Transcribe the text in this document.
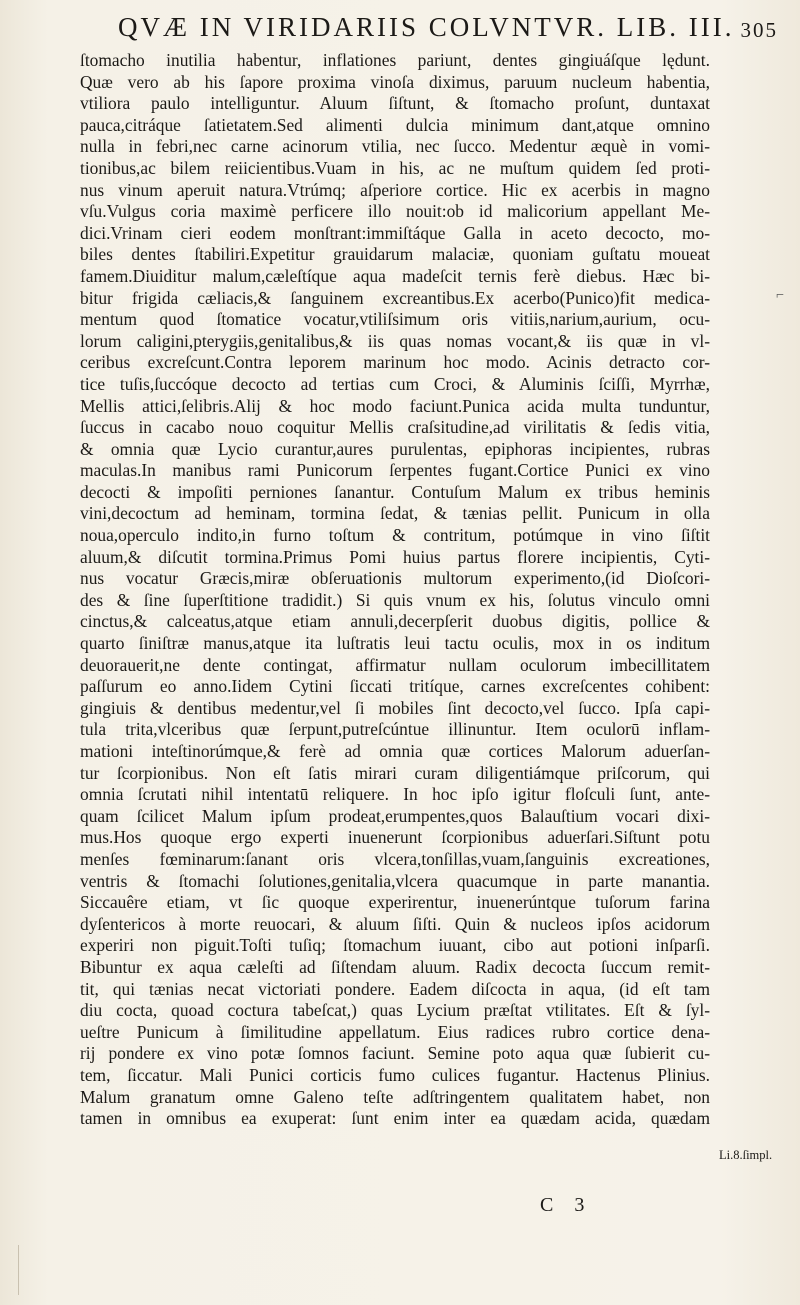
QVÆ IN VIRIDARIIS COLVNTVR. LIB. III. 305
ſtomacho inutilia habentur, inflationes pariunt, dentes gingiuáſque lędunt.
Quæ vero ab his ſapore proxima vinoſa diximus, paruum nucleum habentia,
vtiliora paulo intelliguntur. Aluum ſiſtunt, & ſtomacho proſunt, duntaxat
pauca,citráque ſatietatem.Sed alimenti dulcia minimum dant,atque omnino
nulla in febri,nec carne acinorum vtilia, nec ſucco. Medentur æquè in vomi-
tionibus,ac bilem reiicientibus.Vuam in his, ac ne muſtum quidem ſed proti-
nus vinum aperuit natura.Vtrúmq; aſperiore cortice. Hic ex acerbis in magno
vſu.Vulgus coria maximè perficere illo nouit:ob id malicorium appellant Me-
dici.Vrinam cieri eodem monſtrant:immiſtáque Galla in aceto decocto, mo-
biles dentes ſtabiliri.Expetitur grauidarum malaciæ, quoniam guſtatu moueat
famem.Diuiditur malum,cæleſtíque aqua madeſcit ternis ferè diebus. Hæc bi-
bitur frigida cæliacis,& ſanguinem excreantibus.Ex acerbo(Punico)fit medica-
mentum quod ſtomatice vocatur,vtiliſsimum oris vitiis,narium,aurium, ocu-
lorum caligini,pterygiis,genitalibus,& iis quas nomas vocant,& iis quæ in vl-
ceribus excreſcunt.Contra leporem marinum hoc modo. Acinis detracto cor-
tice tuſis,ſuccóque decocto ad tertias cum Croci, & Aluminis ſciſſi, Myrrhæ,
Mellis attici,ſelibris.Alij & hoc modo faciunt.Punica acida multa tunduntur,
ſuccus in cacabo nouo coquitur Mellis craſsitudine,ad virilitatis & ſedis vitia,
& omnia quæ Lycio curantur,aures purulentas, epiphoras incipientes, rubras
maculas.In manibus rami Punicorum ſerpentes fugant.Cortice Punici ex vino
decocti & impoſiti perniones ſanantur. Contuſum Malum ex tribus heminis
vini,decoctum ad heminam, tormina ſedat, & tænias pellit. Punicum in olla
noua,operculo indito,in furno toſtum & contritum, potúmque in vino ſiſtit
aluum,& diſcutit tormina.Primus Pomi huius partus florere incipientis, Cyti-
nus vocatur Græcis,miræ obſeruationis multorum experimento,(id Dioſcori-
des & ſine ſuperſtitione tradidit.) Si quis vnum ex his, ſolutus vinculo omni
cinctus,& calceatus,atque etiam annuli,decerpſerit duobus digitis, pollice &
quarto ſiniſtræ manus,atque ita luſtratis leui tactu oculis, mox in os inditum
deuorauerit,ne dente contingat, affirmatur nullam oculorum imbecillitatem
paſſurum eo anno.Iidem Cytini ſiccati tritíque, carnes excreſcentes cohibent:
gingiuis & dentibus medentur,vel ſi mobiles ſint decocto,vel ſucco. Ipſa capi-
tula trita,vlceribus quæ ſerpunt,putreſcúntue illinuntur. Item oculorū inflam-
mationi inteſtinorúmque,& ferè ad omnia quæ cortices Malorum aduerſan-
tur ſcorpionibus. Non eſt ſatis mirari curam diligentiámque priſcorum, qui
omnia ſcrutati nihil intentatū reliquere. In hoc ipſo igitur floſculi ſunt, ante-
quam ſcilicet Malum ipſum prodeat,erumpentes,quos Balauſtium vocari dixi-
mus.Hos quoque ergo experti inuenerunt ſcorpionibus aduerſari.Siſtunt potu
menſes fœminarum:ſanant oris vlcera,tonſillas,vuam,ſanguinis excreationes,
ventris & ſtomachi ſolutiones,genitalia,vlcera quacumque in parte manantia.
Siccauêre etiam, vt ſic quoque experirentur, inuenerúntque tuſorum farina
dyſentericos à morte reuocari, & aluum ſiſti. Quin & nucleos ipſos acidorum
experiri non piguit.Toſti tuſiq; ſtomachum iuuant, cibo aut potioni inſparſi.
Bibuntur ex aqua cæleſti ad ſiſtendam aluum. Radix decocta ſuccum remit-
tit, qui tænias necat victoriati pondere. Eadem diſcocta in aqua, (id eſt tam
diu cocta, quoad coctura tabeſcat,) quas Lycium præſtat vtilitates. Eſt & ſyl-
ueſtre Punicum à ſimilitudine appellatum. Eius radices rubro cortice dena-
rij pondere ex vino potæ ſomnos faciunt. Semine poto aqua quæ ſubierit cu-
tem, ſiccatur. Mali Punici corticis fumo culices fugantur. Hactenus Plinius.
Malum granatum omne Galeno teſte adſtringentem qualitatem habet, non
tamen in omnibus ea exuperat: ſunt enim inter ea quædam acida, quædam
⌐
Li.8.ſimpl.
C 3
